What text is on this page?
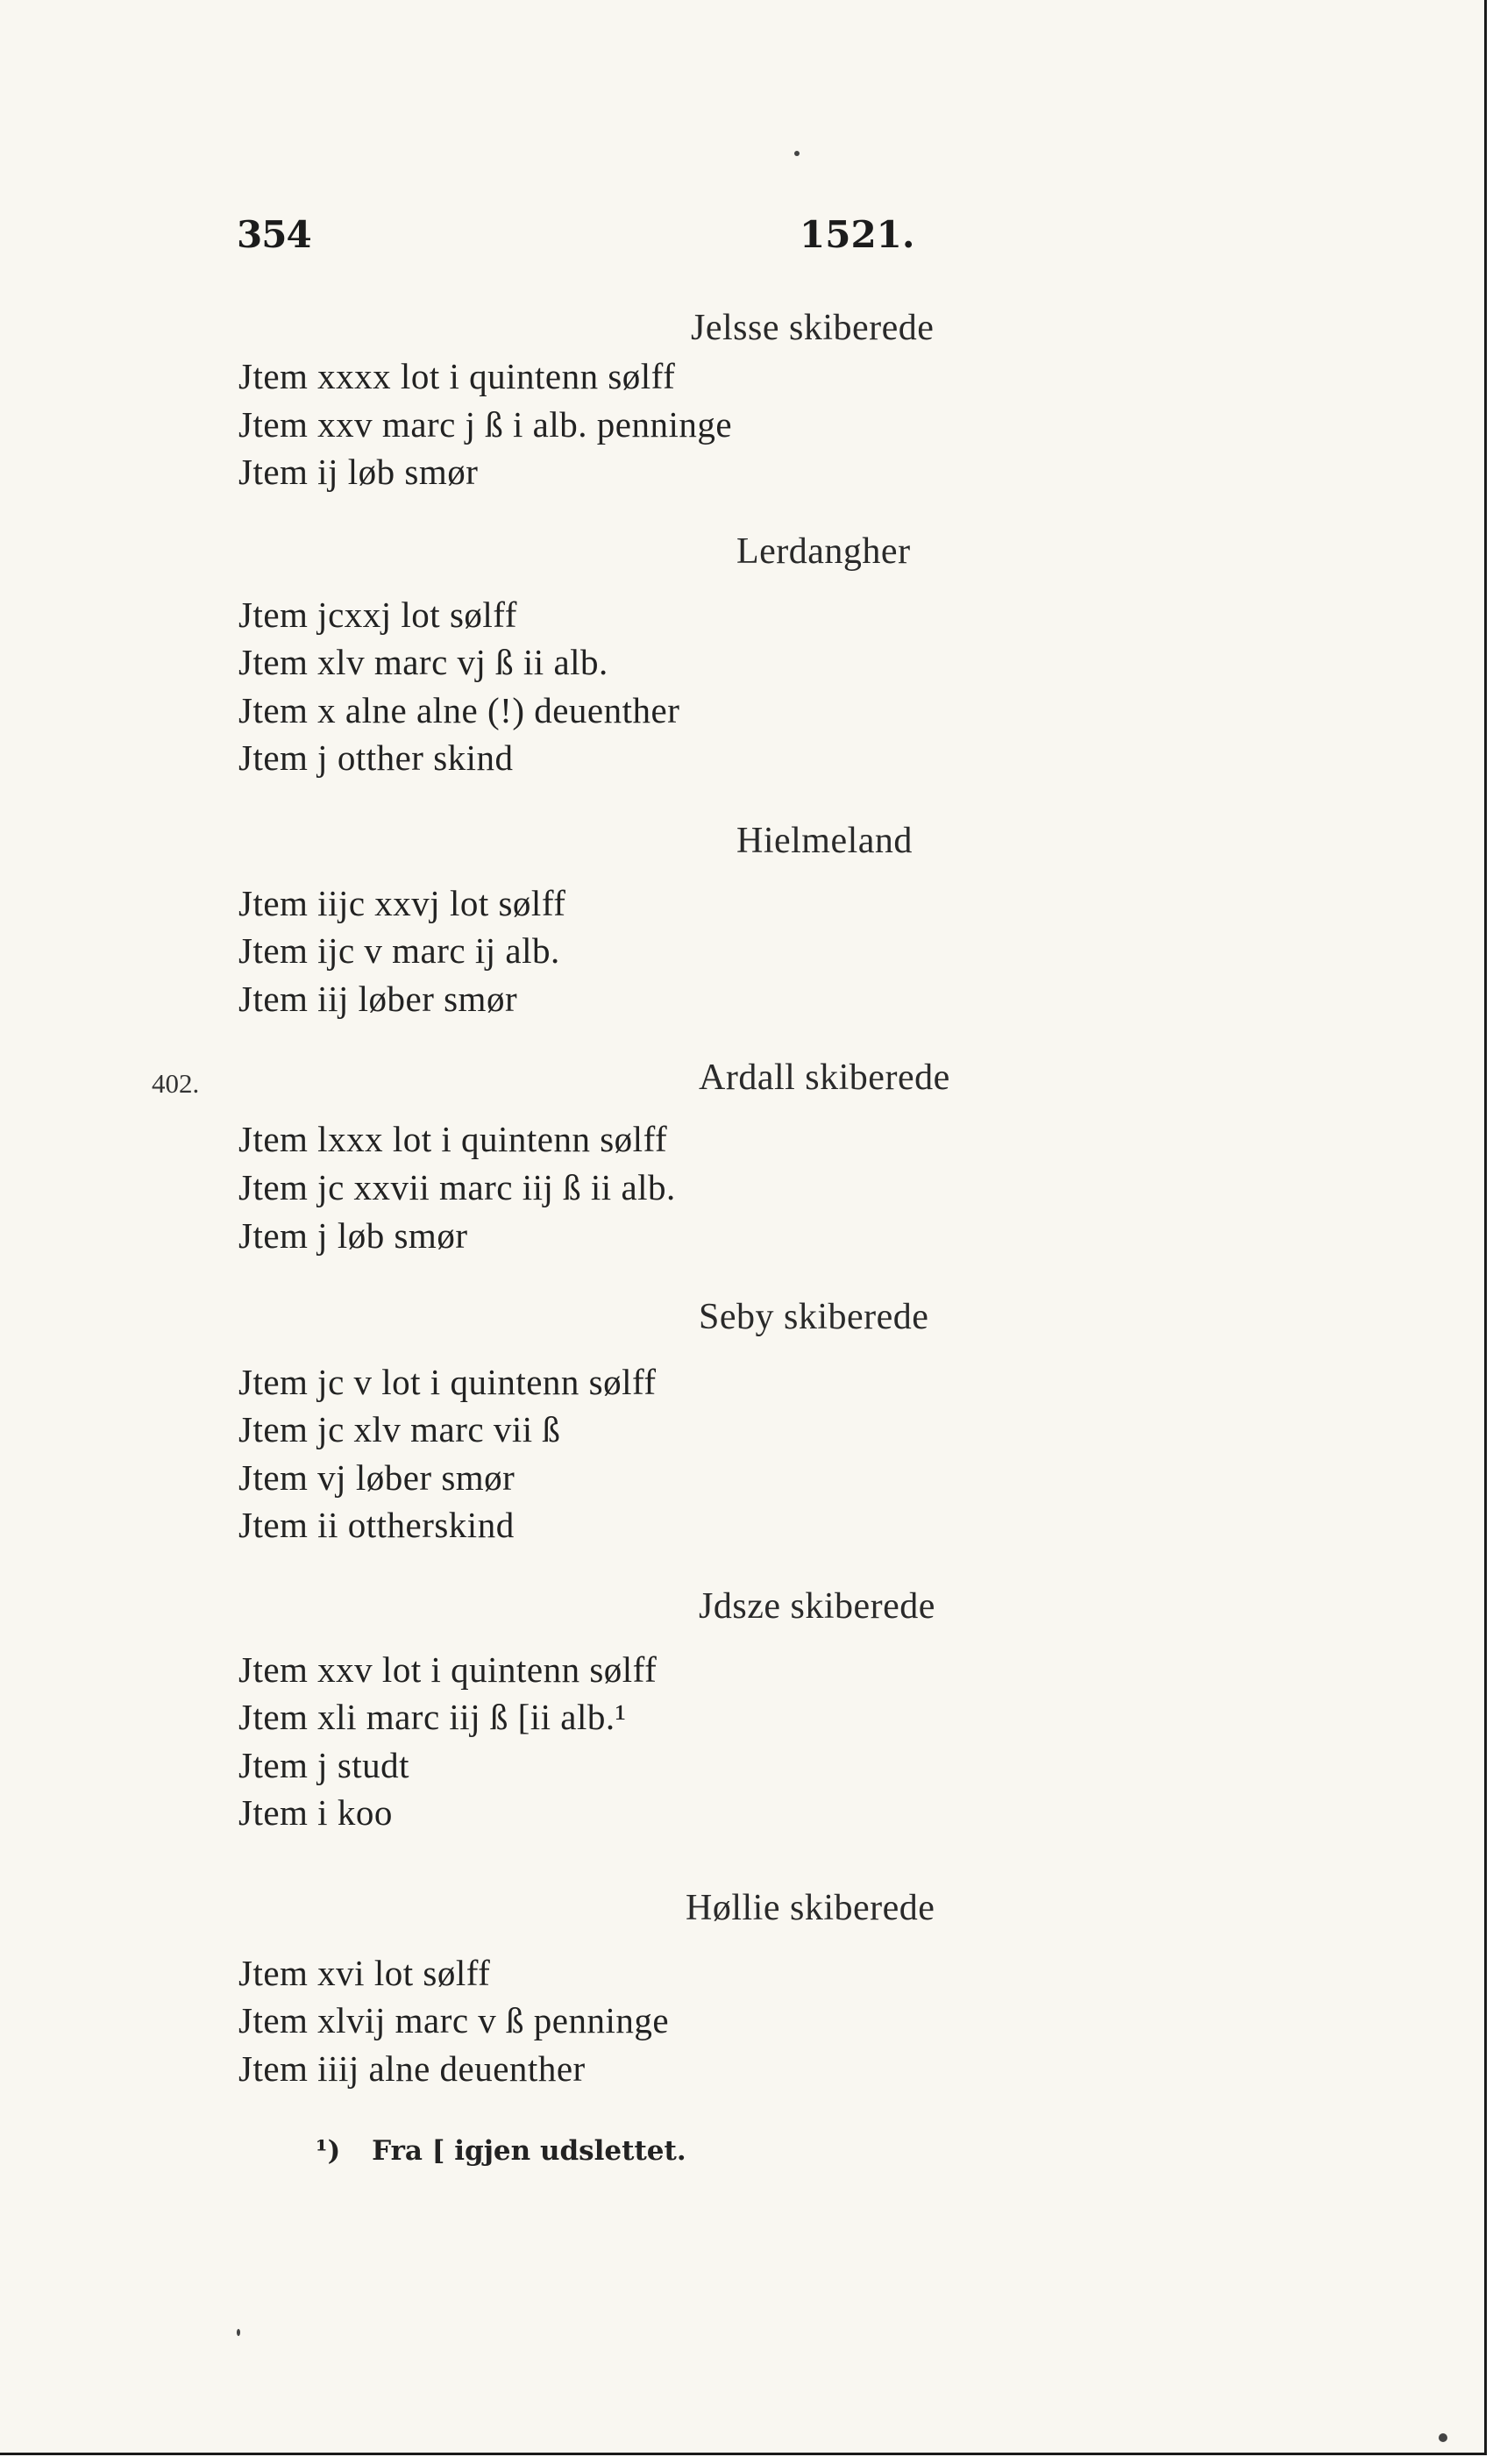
354	1521.
Jelsse skiberede
Jtem xxxx lot i quintenn sølff
Jtem xxv marc j ß i alb. penninge
Jtem ij løb smør
Lerdangher
Jtem jcxxj lot sølff
Jtem xlv marc vj ß ii alb.
Jtem x alne alne (!) deuenther
Jtem j otther skind
Hielmeland
Jtem iijc xxvj lot sølff
Jtem ijc v marc ij alb.
Jtem iij løber smør
402.	Ardall skiberede
Jtem lxxx lot i quintenn sølff
Jtem jc xxvii marc iij ß ii alb.
Jtem j løb smør
Seby skiberede
Jtem jc v lot i quintenn sølff
Jtem jc xlv marc vii ß
Jtem vj løber smør
Jtem ii ottherskind
Jdsze skiberede
Jtem xxv lot i quintenn sølff
Jtem xli marc iij ß [ii alb.¹
Jtem j studt
Jtem i koo
Høllie skiberede
Jtem xvi lot sølff
Jtem xlvij marc v ß penninge
Jtem iiij alne deuenther
¹) Fra [ igjen udslettet.
